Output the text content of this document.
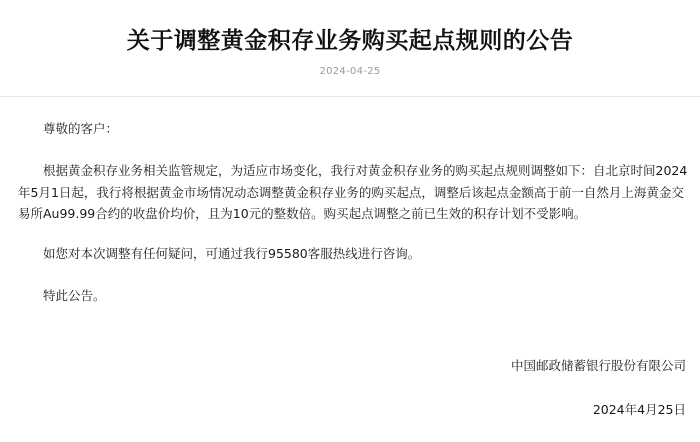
关于调整黄金积存业务购买起点规则的公告
2024-04-25

尊敬的客户：

根据黄金积存业务相关监管规定，为适应市场变化，我行对黄金积存业务的购买起点规则调整如下：自北京时间2024年5月1日起，我行将根据黄金市场情况动态调整黄金积存业务的购买起点，调整后该起点金额高于前一自然月上海黄金交易所Au99.99合约的收盘价均价，且为10元的整数倍。购买起点调整之前已生效的积存计划不受影响。

如您对本次调整有任何疑问，可通过我行95580客服热线进行咨询。

特此公告。

中国邮政储蓄银行股份有限公司
2024年4月25日
